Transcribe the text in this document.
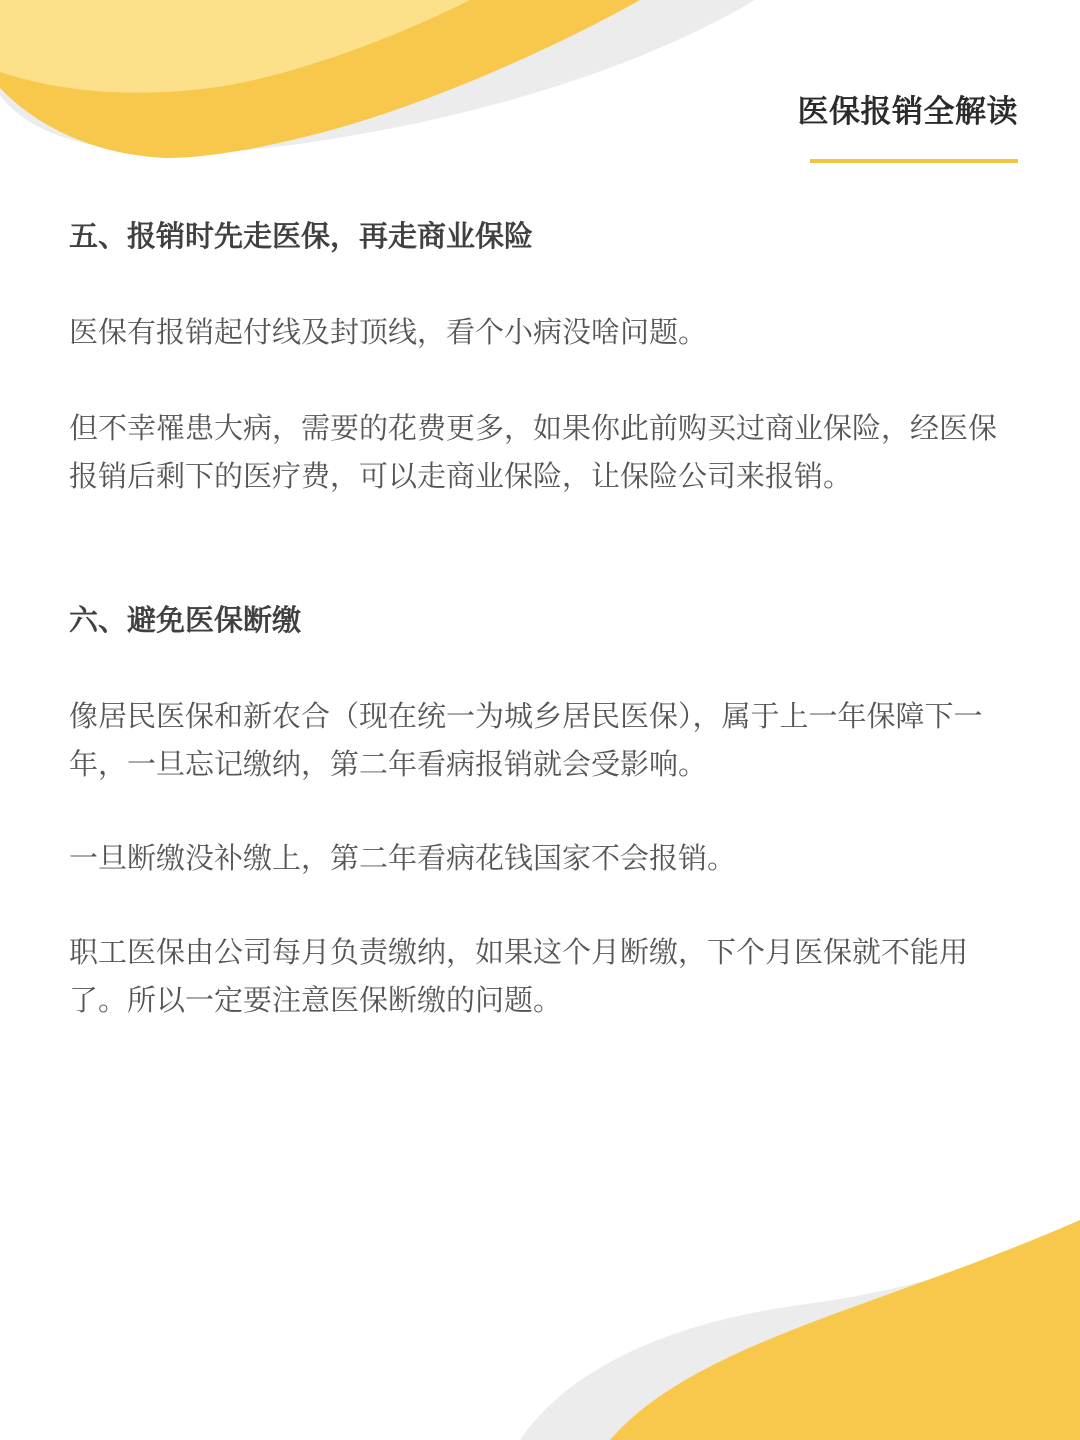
医保报销全解读
五、报销时先走医保，再走商业保险

医保有报销起付线及封顶线，看个小病没啥问题。

但不幸罹患大病，需要的花费更多，如果你此前购买过商业保险，经医保报销后剩下的医疗费，可以走商业保险，让保险公司来报销。

六、避免医保断缴

像居民医保和新农合（现在统一为城乡居民医保），属于上一年保障下一年，一旦忘记缴纳，第二年看病报销就会受影响。

一旦断缴没补缴上，第二年看病花钱国家不会报销。

职工医保由公司每月负责缴纳，如果这个月断缴，下个月医保就不能用了。所以一定要注意医保断缴的问题。
